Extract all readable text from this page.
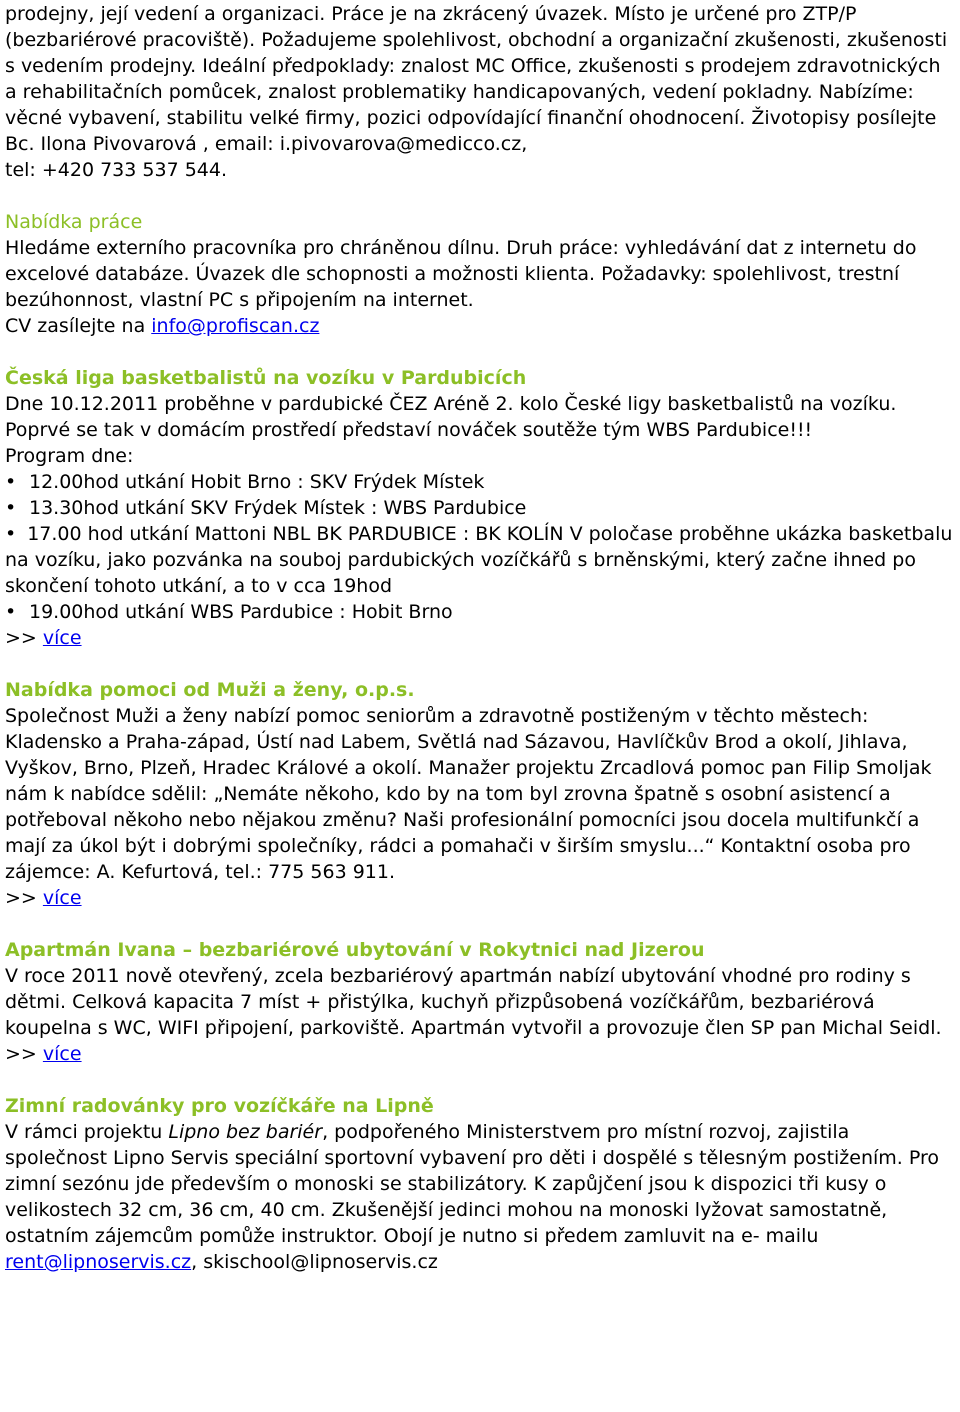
prodejny, její vedení a organizaci. Práce je na zkrácený úvazek. Místo je určené pro ZTP/P (bezbariérové pracoviště). Požadujeme spolehlivost, obchodní a organizační zkušenosti, zkušenosti s vedením prodejny. Ideální předpoklady: znalost MC Office, zkušenosti s prodejem zdravotnických a rehabilitačních pomůcek, znalost problematiky handicapovaných, vedení pokladny. Nabízíme: věcné vybavení, stabilitu velké firmy, pozici odpovídající finanční ohodnocení. Životopisy posílejte Bc. Ilona Pivovarová , email: i.pivovarova@medicco.cz,
tel: +420 733 537 544.

Nabídka práce

Hledáme externího pracovníka pro chráněnou dílnu. Druh práce: vyhledávání dat z internetu do excelové databáze. Úvazek dle schopnosti a možnosti klienta. Požadavky: spolehlivost, trestní bezúhonnost, vlastní PC s připojením na internet.
CV zasílejte na info@profiscan.cz

Česká liga basketbalistů na vozíku v Pardubicích

Dne 10.12.2011 proběhne v pardubické ČEZ Aréně 2. kolo České ligy basketbalistů na vozíku. Poprvé se tak v domácím prostředí představí nováček soutěže tým WBS Pardubice!!!

Program dne:

• 12.00hod utkání Hobit Brno : SKV Frýdek Místek
• 13.30hod utkání SKV Frýdek Místek : WBS Pardubice
• 17.00 hod utkání Mattoni NBL BK PARDUBICE : BK KOLÍN V poločase proběhne ukázka basketbalu na vozíku, jako pozvánka na souboj pardubických vozíčkářů s brněnskými, který začne ihned po skončení tohoto utkání, a to v cca 19hod
• 19.00hod utkání WBS Pardubice : Hobit Brno

>> více

Nabídka pomoci od Muži a ženy, o.p.s.

Společnost Muži a ženy nabízí pomoc seniorům a zdravotně postiženým v těchto městech: Kladensko a Praha-západ, Ústí nad Labem, Světlá nad Sázavou, Havlíčkův Brod a okolí, Jihlava, Vyškov, Brno, Plzeň, Hradec Králové a okolí. Manažer projektu Zrcadlová pomoc pan Filip Smoljak nám k nabídce sdělil: „Nemáte někoho, kdo by na tom byl zrovna špatně s osobní asistencí a potřeboval někoho nebo nějakou změnu? Naši profesionální pomocníci jsou docela multifunkčí a mají za úkol být i dobrými společníky, rádci a pomahači v širším smyslu...“ Kontaktní osoba pro zájemce: A. Kefurtová, tel.: 775 563 911.

>> více

Apartmán Ivana – bezbariérové ubytování v Rokytnici nad Jizerou

V roce 2011 nově otevřený, zcela bezbariérový apartmán nabízí ubytování vhodné pro rodiny s dětmi. Celková kapacita 7 míst + přistýlka, kuchyň přizpůsobená vozíčkářům, bezbariérová koupelna s WC, WIFI připojení, parkoviště. Apartmán vytvořil a provozuje člen SP pan Michal Seidl.

>> více

Zimní radovánky pro vozíčkáře na Lipně

V rámci projektu Lipno bez bariér, podpořeného Ministerstvem pro místní rozvoj, zajistila společnost Lipno Servis speciální sportovní vybavení pro děti i dospělé s tělesným postižením. Pro zimní sezónu jde především o monoski se stabilizátory. K zapůjčení jsou k dispozici tři kusy o velikostech 32 cm, 36 cm, 40 cm. Zkušenější jedinci mohou na monoski lyžovat samostatně, ostatním zájemcům pomůže instruktor. Obojí je nutno si předem zamluvit na e- mailu rent@lipnoservis.cz, skischool@lipnoservis.cz
